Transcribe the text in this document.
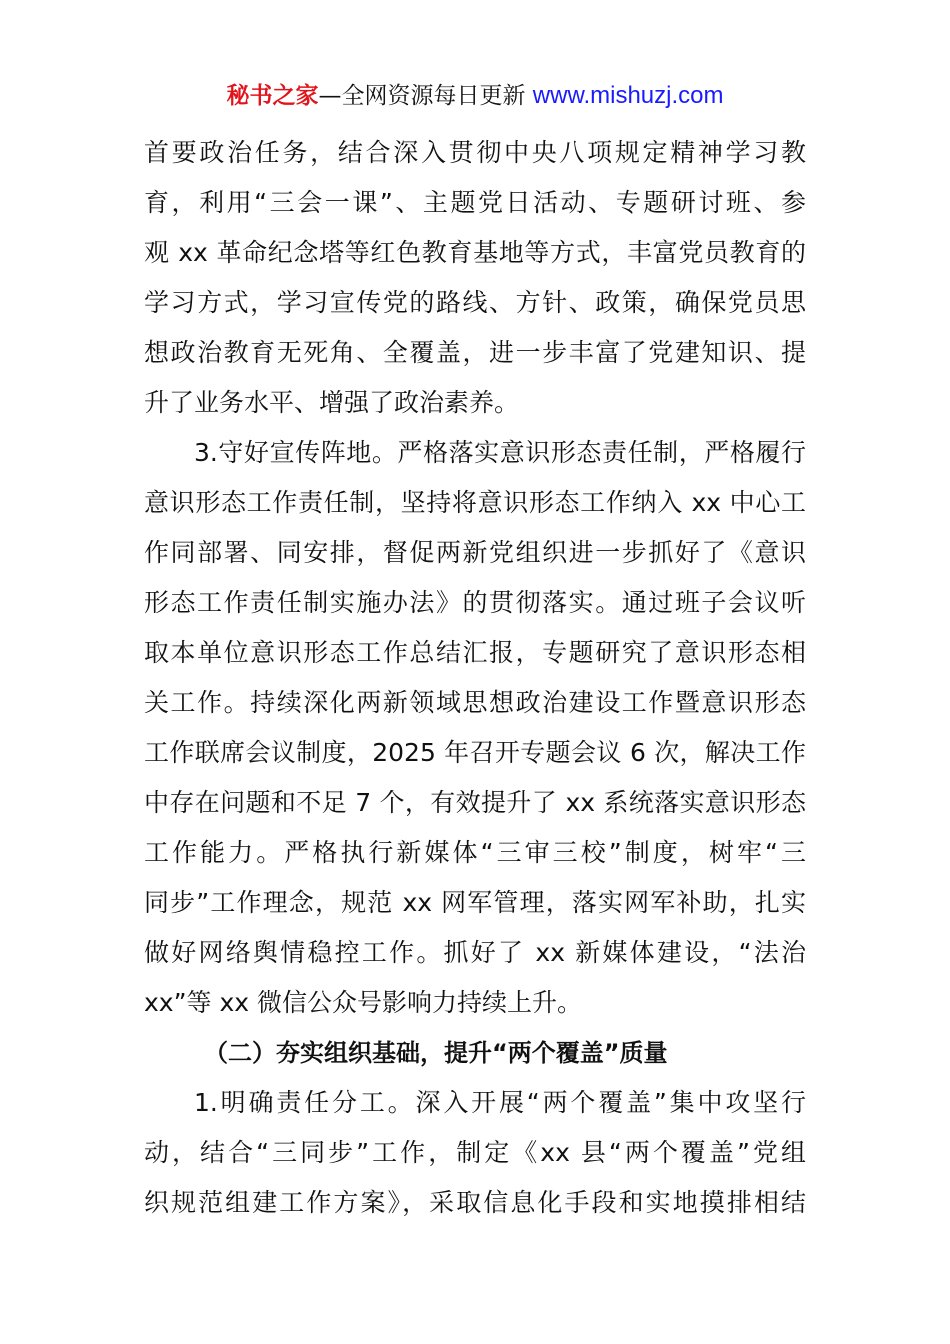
秘书之家—全网资源每日更新 www.mishuzj.com
首要政治任务，结合深入贯彻中央八项规定精神学习教
育，利用“三会一课”、主题党日活动、专题研讨班、参
观 xx 革命纪念塔等红色教育基地等方式，丰富党员教育的
学习方式，学习宣传党的路线、方针、政策，确保党员思
想政治教育无死角、全覆盖，进一步丰富了党建知识、提
升了业务水平、增强了政治素养。
3.守好宣传阵地。严格落实意识形态责任制，严格履行
意识形态工作责任制，坚持将意识形态工作纳入 xx 中心工
作同部署、同安排，督促两新党组织进一步抓好了《意识
形态工作责任制实施办法》的贯彻落实。通过班子会议听
取本单位意识形态工作总结汇报，专题研究了意识形态相
关工作。持续深化两新领域思想政治建设工作暨意识形态
工作联席会议制度，2025 年召开专题会议 6 次，解决工作
中存在问题和不足 7 个，有效提升了 xx 系统落实意识形态
工作能力。严格执行新媒体“三审三校”制度，树牢“三
同步”工作理念，规范 xx 网军管理，落实网军补助，扎实
做好网络舆情稳控工作。抓好了 xx 新媒体建设，“法治
xx”等 xx 微信公众号影响力持续上升。
（二）夯实组织基础，提升“两个覆盖”质量
1.明确责任分工。深入开展“两个覆盖”集中攻坚行
动，结合“三同步”工作，制定《xx 县“两个覆盖”党组
织规范组建工作方案》，采取信息化手段和实地摸排相结
